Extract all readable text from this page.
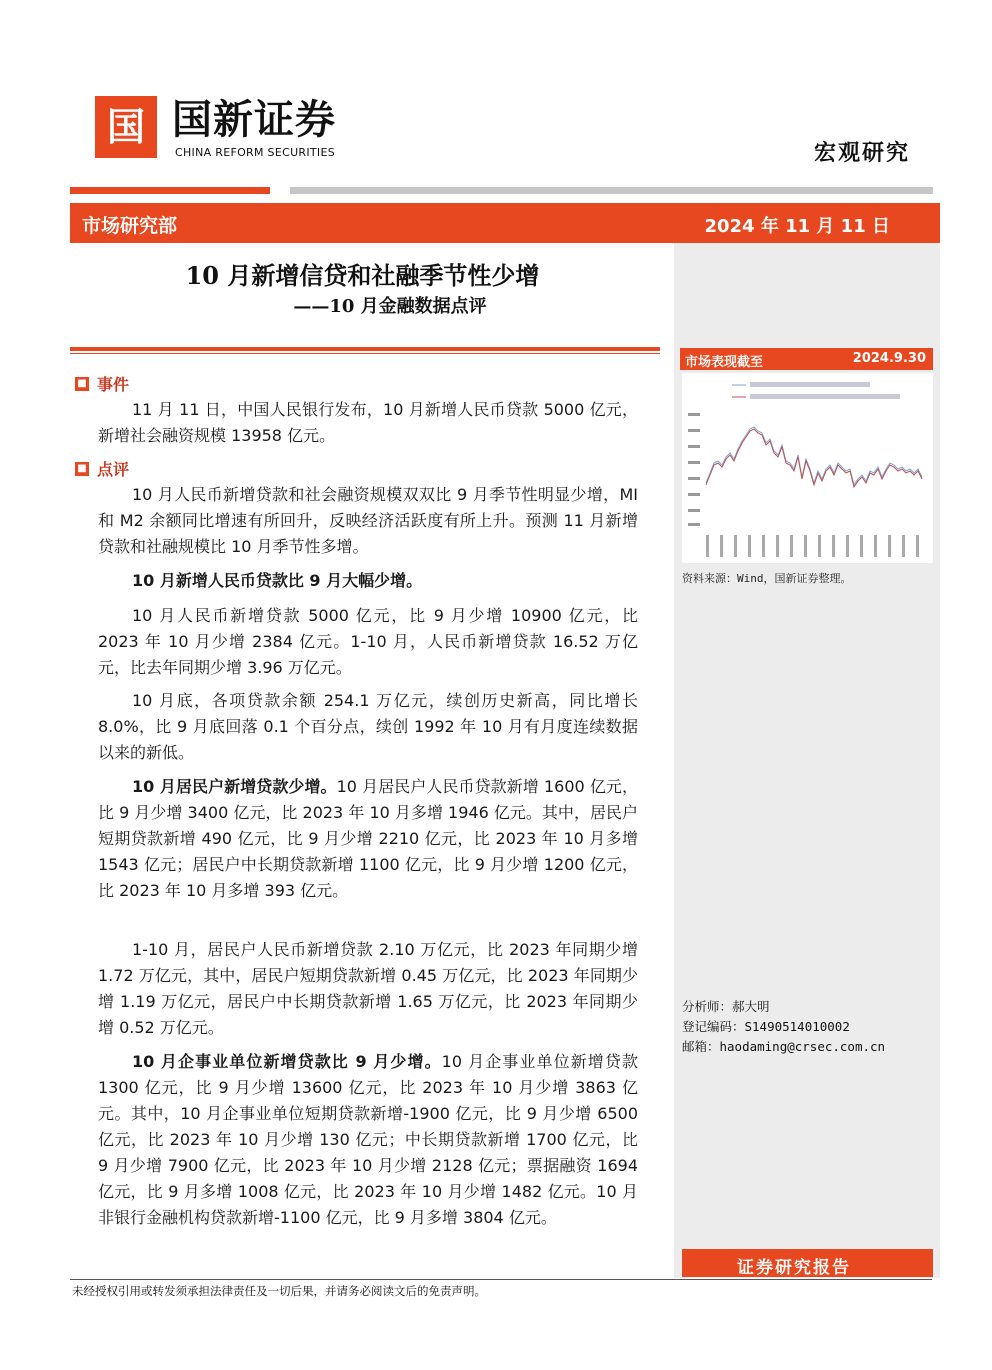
国 国新证券
CHINA REFORM SECURITIES	宏观研究
市场研究部	2024 年 11 月 11 日
10 月新增信贷和社融季节性少增
——10 月金融数据点评
■ 事件
11 月 11 日，中国人民银行发布，10 月新增人民币贷款 5000 亿元，新增社会融资规模 13958 亿元。
■ 点评
10 月人民币新增贷款和社会融资规模双双比 9 月季节性明显少增，MI 和 M2 余额同比增速有所回升，反映经济活跃度有所上升。预测 11 月新增贷款和社融规模比 10 月季节性多增。
10 月新增人民币贷款比 9 月大幅少增。
10 月人民币新增贷款 5000 亿元，比 9 月少增 10900 亿元，比 2023 年 10 月少增 2384 亿元。1-10 月，人民币新增贷款 16.52 万亿元，比去年同期少增 3.96 万亿元。
10 月底，各项贷款余额 254.1 万亿元，续创历史新高，同比增长 8.0%，比 9 月底回落 0.1 个百分点，续创 1992 年 10 月有月度连续数据以来的新低。
10 月居民户新增贷款少增。10 月居民户人民币贷款新增 1600 亿元，比 9 月少增 3400 亿元，比 2023 年 10 月多增 1946 亿元。其中，居民户短期贷款新增 490 亿元，比 9 月少增 2210 亿元，比 2023 年 10 月多增 1543 亿元；居民户中长期贷款新增 1100 亿元，比 9 月少增 1200 亿元，比 2023 年 10 月多增 393 亿元。
1-10 月，居民户人民币新增贷款 2.10 万亿元，比 2023 年同期少增 1.72 万亿元，其中，居民户短期贷款新增 0.45 万亿元，比 2023 年同期少增 1.19 万亿元，居民户中长期贷款新增 1.65 万亿元，比 2023 年同期少增 0.52 万亿元。
10 月企事业单位新增贷款比 9 月少增。10 月企事业单位新增贷款 1300 亿元，比 9 月少增 13600 亿元，比 2023 年 10 月少增 3863 亿元。其中，10 月企事业单位短期贷款新增-1900 亿元，比 9 月少增 6500 亿元，比 2023 年 10 月少增 130 亿元；中长期贷款新增 1700 亿元，比 9 月少增 7900 亿元，比 2023 年 10 月少增 2128 亿元；票据融资 1694 亿元，比 9 月多增 1008 亿元，比 2023 年 10 月少增 1482 亿元。10 月非银行金融机构贷款新增-1100 亿元，比 9 月多增 3804 亿元。
市场表现截至	2024.9.30
资料来源：Wind，国新证券整理。
分析师：郝大明
登记编码：S1490514010002
邮箱：haodaming@crsec.com.cn
证券研究报告
未经授权引用或转发须承担法律责任及一切后果，并请务必阅读文后的免责声明。
